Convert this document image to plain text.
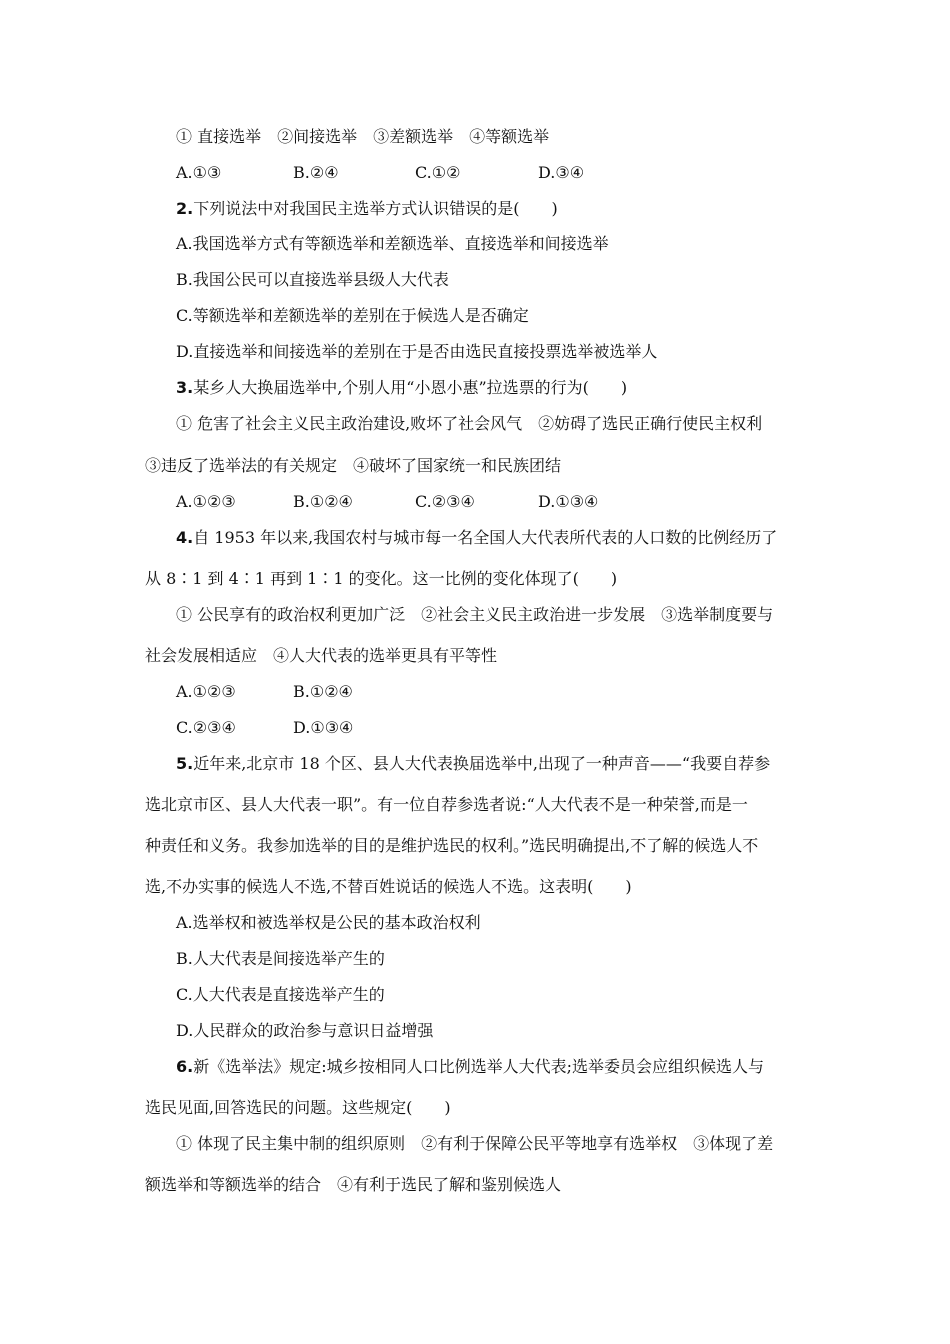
① 直接选举　②间接选举　③差额选举　④等额选举
A.①③	B.②④	C.①②	D.③④
2.下列说法中对我国民主选举方式认识错误的是(　　)
A.我国选举方式有等额选举和差额选举、直接选举和间接选举
B.我国公民可以直接选举县级人大代表
C.等额选举和差额选举的差别在于候选人是否确定
D.直接选举和间接选举的差别在于是否由选民直接投票选举被选举人
3.某乡人大换届选举中,个别人用“小恩小惠”拉选票的行为(　　)
① 危害了社会主义民主政治建设,败坏了社会风气　②妨碍了选民正确行使民主权利
③违反了选举法的有关规定　④破坏了国家统一和民族团结
A.①②③	B.①②④	C.②③④	D.①③④
4.自 1953 年以来,我国农村与城市每一名全国人大代表所代表的人口数的比例经历了
从 8∶1 到 4∶1 再到 1∶1 的变化。这一比例的变化体现了(　　)
① 公民享有的政治权利更加广泛　②社会主义民主政治进一步发展　③选举制度要与
社会发展相适应　④人大代表的选举更具有平等性
A.①②③	B.①②④
C.②③④	D.①③④
5.近年来,北京市 18 个区、县人大代表换届选举中,出现了一种声音——“我要自荐参
选北京市区、县人大代表一职”。有一位自荐参选者说:“人大代表不是一种荣誉,而是一
种责任和义务。我参加选举的目的是维护选民的权利。”选民明确提出,不了解的候选人不
选,不办实事的候选人不选,不替百姓说话的候选人不选。这表明(　　)
A.选举权和被选举权是公民的基本政治权利
B.人大代表是间接选举产生的
C.人大代表是直接选举产生的
D.人民群众的政治参与意识日益增强
6.新《选举法》规定:城乡按相同人口比例选举人大代表;选举委员会应组织候选人与
选民见面,回答选民的问题。这些规定(　　)
① 体现了民主集中制的组织原则　②有利于保障公民平等地享有选举权　③体现了差
额选举和等额选举的结合　④有利于选民了解和鉴别候选人
